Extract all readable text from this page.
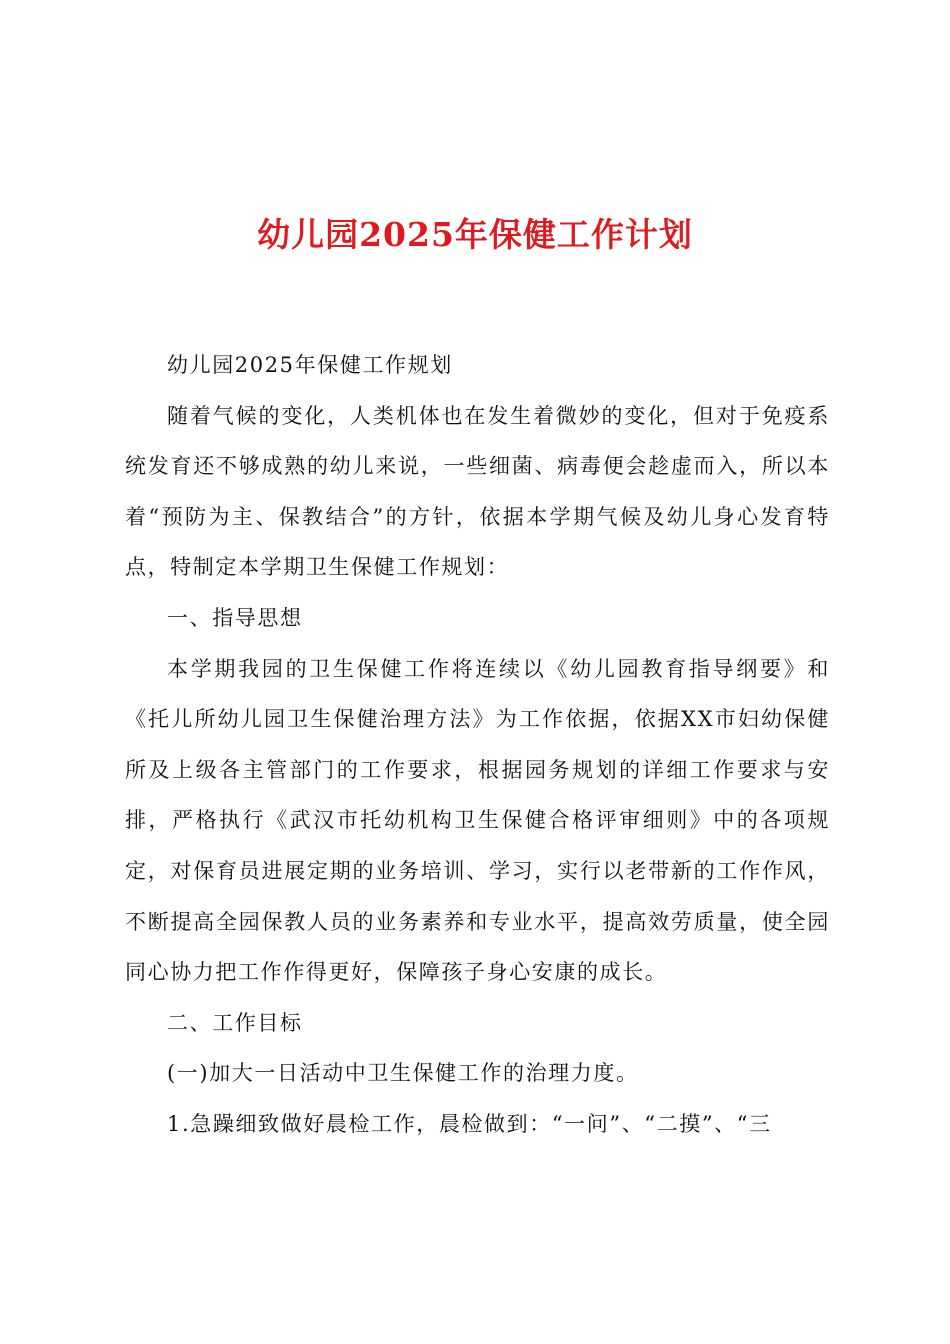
幼儿园2025年保健工作计划

幼儿园2025年保健工作规划

随着气候的变化，人类机体也在发生着微妙的变化，但对于免疫系统发育还不够成熟的幼儿来说，一些细菌、病毒便会趁虚而入，所以本着“预防为主、保教结合”的方针，依据本学期气候及幼儿身心发育特点，特制定本学期卫生保健工作规划：

一、指导思想

本学期我园的卫生保健工作将连续以《幼儿园教育指导纲要》和《托儿所幼儿园卫生保健治理方法》为工作依据，依据XX市妇幼保健所及上级各主管部门的工作要求，根据园务规划的详细工作要求与安排，严格执行《武汉市托幼机构卫生保健合格评审细则》中的各项规定，对保育员进展定期的业务培训、学习，实行以老带新的工作作风，不断提高全园保教人员的业务素养和专业水平，提高效劳质量，使全园同心协力把工作作得更好，保障孩子身心安康的成长。

二、工作目标

(一)加大一日活动中卫生保健工作的治理力度。

1.急躁细致做好晨检工作，晨检做到：“一问”、“二摸”、“三
